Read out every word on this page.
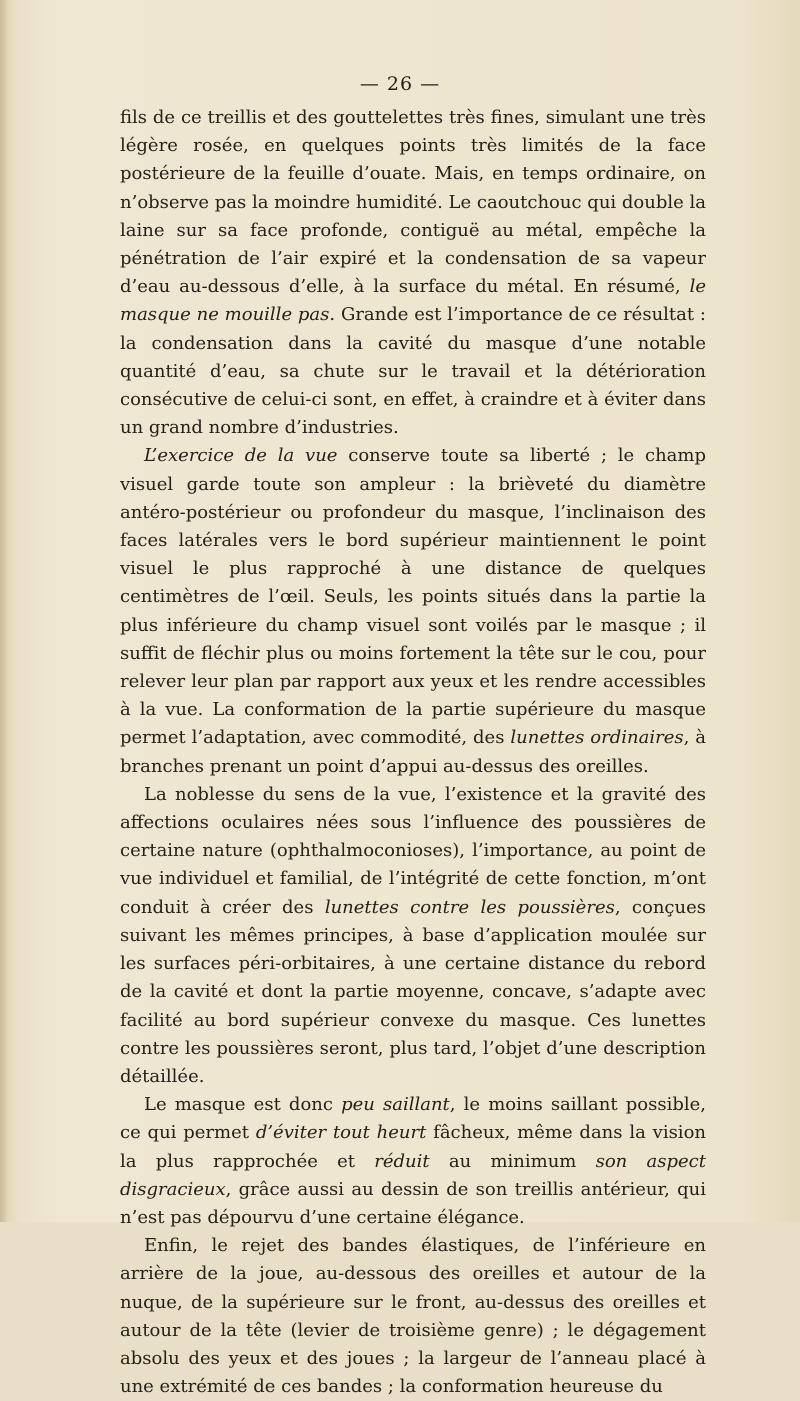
— 26 —

fils de ce treillis et des gouttelettes très fines, simulant une très légère rosée, en quelques points très limités de la face postérieure de la feuille d’ouate. Mais, en temps ordinaire, on n’observe pas la moindre humidité. Le caoutchouc qui double la laine sur sa face profonde, contiguë au métal, empêche la pénétration de l’air expiré et la condensation de sa vapeur d’eau au-dessous d’elle, à la surface du métal. En résumé, le masque ne mouille pas. Grande est l’importance de ce résultat : la condensation dans la cavité du masque d’une notable quantité d’eau, sa chute sur le travail et la détérioration consécutive de celui-ci sont, en effet, à craindre et à éviter dans un grand nombre d’industries.

L’exercice de la vue conserve toute sa liberté ; le champ visuel garde toute son ampleur : la brièveté du diamètre antéro-postérieur ou profondeur du masque, l’inclinaison des faces latérales vers le bord supérieur maintiennent le point visuel le plus rapproché à une distance de quelques centimètres de l’œil. Seuls, les points situés dans la partie la plus inférieure du champ visuel sont voilés par le masque ; il suffit de fléchir plus ou moins fortement la tête sur le cou, pour relever leur plan par rapport aux yeux et les rendre accessibles à la vue. La conformation de la partie supérieure du masque permet l’adaptation, avec commodité, des lunettes ordinaires, à branches prenant un point d’appui au-dessus des oreilles.

La noblesse du sens de la vue, l’existence et la gravité des affections oculaires nées sous l’influence des poussières de certaine nature (ophthalmoconioses), l’importance, au point de vue individuel et familial, de l’intégrité de cette fonction, m’ont conduit à créer des lunettes contre les poussières, conçues suivant les mêmes principes, à base d’application moulée sur les surfaces péri-orbitaires, à une certaine distance du rebord de la cavité et dont la partie moyenne, concave, s’adapte avec facilité au bord supérieur convexe du masque. Ces lunettes contre les poussières seront, plus tard, l’objet d’une description détaillée.

Le masque est donc peu saillant, le moins saillant possible, ce qui permet d’éviter tout heurt fâcheux, même dans la vision la plus rapprochée et réduit au minimum son aspect disgracieux, grâce aussi au dessin de son treillis antérieur, qui n’est pas dépourvu d’une certaine élégance.

Enfin, le rejet des bandes élastiques, de l’inférieure en arrière de la joue, au-dessous des oreilles et autour de la nuque, de la supérieure sur le front, au-dessus des oreilles et autour de la tête (levier de troisième genre) ; le dégagement absolu des yeux et des joues ; la largeur de l’anneau placé à une extrémité de ces bandes ; la conformation heureuse du
